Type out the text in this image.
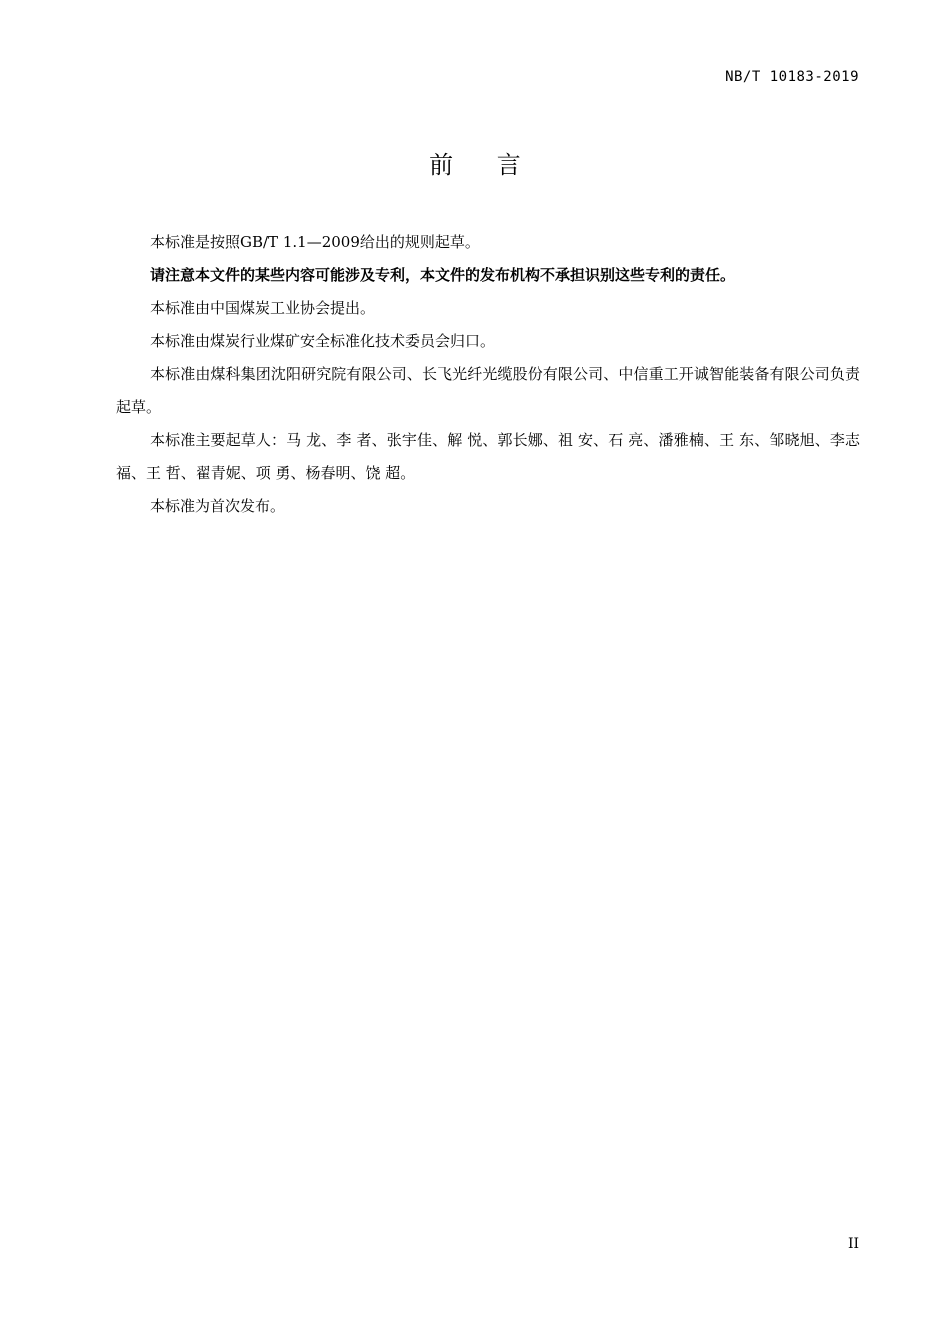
NB/T 10183-2019
前 言

本标准是按照GB/T 1.1—2009给出的规则起草。

请注意本文件的某些内容可能涉及专利，本文件的发布机构不承担识别这些专利的责任。

本标准由中国煤炭工业协会提出。

本标准由煤炭行业煤矿安全标准化技术委员会归口。

本标准由煤科集团沈阳研究院有限公司、长飞光纤光缆股份有限公司、中信重工开诚智能装备有限公司负责起草。

本标准主要起草人：马 龙、李 者、张宇佳、解 悦、郭长娜、祖 安、石 亮、潘雅楠、王 东、邹晓旭、李志福、王 哲、翟青妮、项 勇、杨春明、饶 超。

本标准为首次发布。

II
